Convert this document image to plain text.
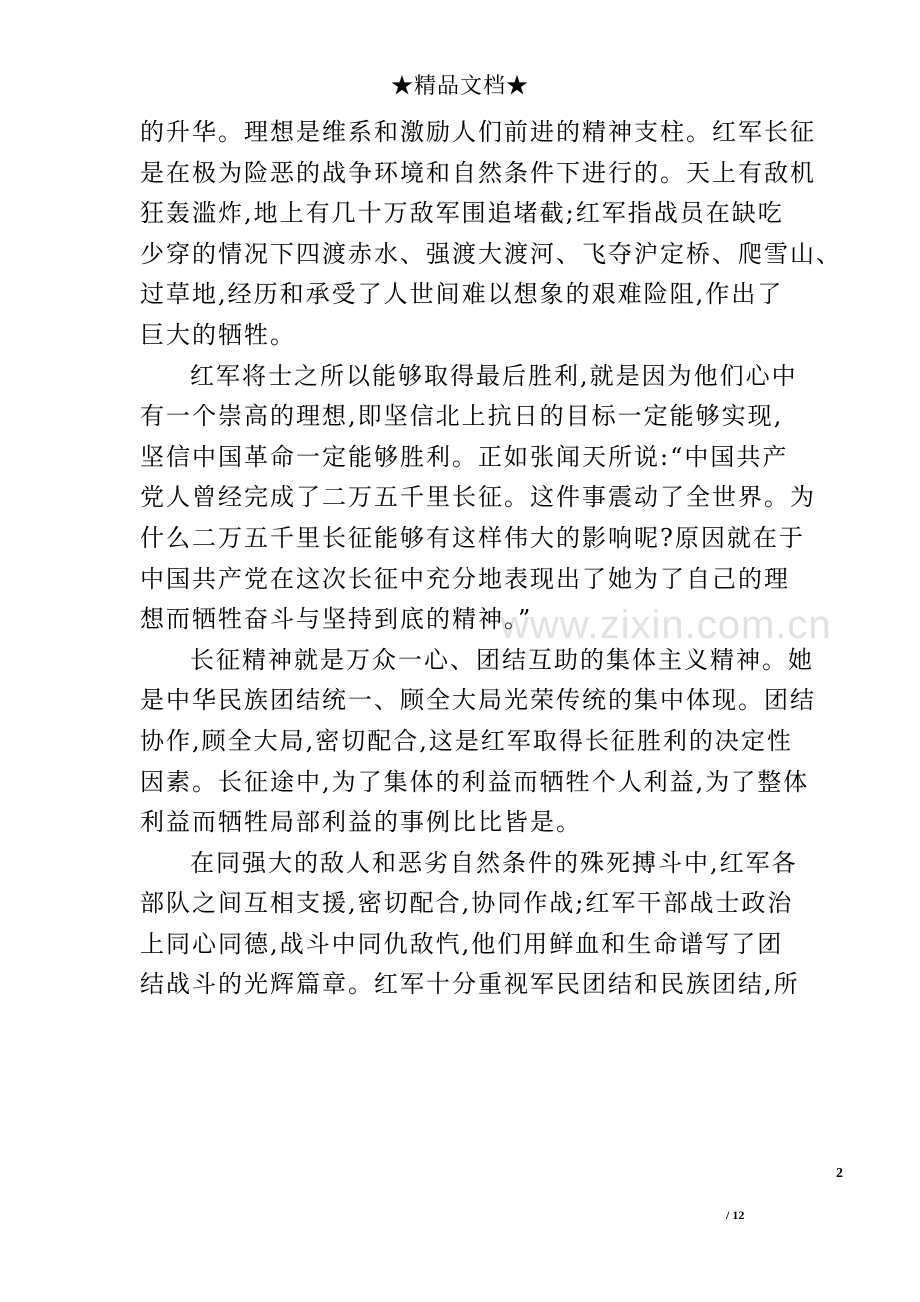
★精品文档★
www.zixin.com.cn
的升华。理想是维系和激励人们前进的精神支柱。红军长征
是在极为险恶的战争环境和自然条件下进行的。天上有敌机
狂轰滥炸,地上有几十万敌军围追堵截;红军指战员在缺吃
少穿的情况下四渡赤水、强渡大渡河、飞夺沪定桥、爬雪山、
过草地,经历和承受了人世间难以想象的艰难险阻,作出了
巨大的牺牲。
红军将士之所以能够取得最后胜利,就是因为他们心中
有一个崇高的理想,即坚信北上抗日的目标一定能够实现,
坚信中国革命一定能够胜利。正如张闻天所说:“中国共产
党人曾经完成了二万五千里长征。这件事震动了全世界。为
什么二万五千里长征能够有这样伟大的影响呢?原因就在于
中国共产党在这次长征中充分地表现出了她为了自己的理
想而牺牲奋斗与坚持到底的精神。”
长征精神就是万众一心、团结互助的集体主义精神。她
是中华民族团结统一、顾全大局光荣传统的集中体现。团结
协作,顾全大局,密切配合,这是红军取得长征胜利的决定性
因素。长征途中,为了集体的利益而牺牲个人利益,为了整体
利益而牺牲局部利益的事例比比皆是。
在同强大的敌人和恶劣自然条件的殊死搏斗中,红军各
部队之间互相支援,密切配合,协同作战;红军干部战士政治
上同心同德,战斗中同仇敌忾,他们用鲜血和生命谱写了团
结战斗的光辉篇章。红军十分重视军民团结和民族团结,所
2
/ 12
